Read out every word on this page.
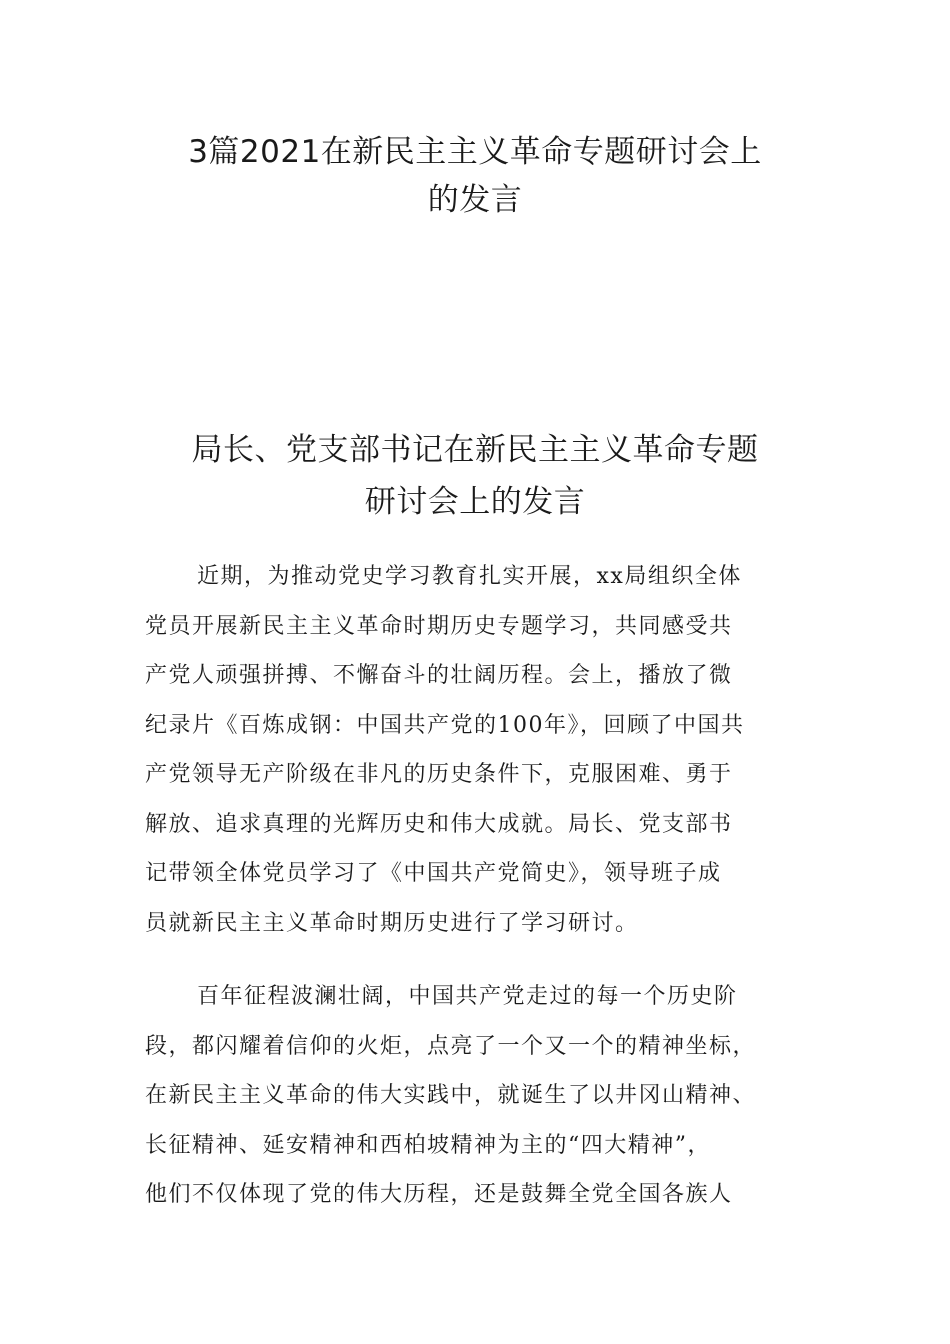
3篇2021在新民主主义革命专题研讨会上
的发言
局长、党支部书记在新民主主义革命专题
研讨会上的发言

近期，为推动党史学习教育扎实开展，xx局组织全体
党员开展新民主主义革命时期历史专题学习，共同感受共
产党人顽强拼搏、不懈奋斗的壮阔历程。会上，播放了微
纪录片《百炼成钢：中国共产党的100年》，回顾了中国共
产党领导无产阶级在非凡的历史条件下，克服困难、勇于
解放、追求真理的光辉历史和伟大成就。局长、党支部书
记带领全体党员学习了《中国共产党简史》，领导班子成
员就新民主主义革命时期历史进行了学习研讨。

百年征程波澜壮阔，中国共产党走过的每一个历史阶
段，都闪耀着信仰的火炬，点亮了一个又一个的精神坐标，
在新民主主义革命的伟大实践中，就诞生了以井冈山精神、
长征精神、延安精神和西柏坡精神为主的“四大精神”，
他们不仅体现了党的伟大历程，还是鼓舞全党全国各族人
